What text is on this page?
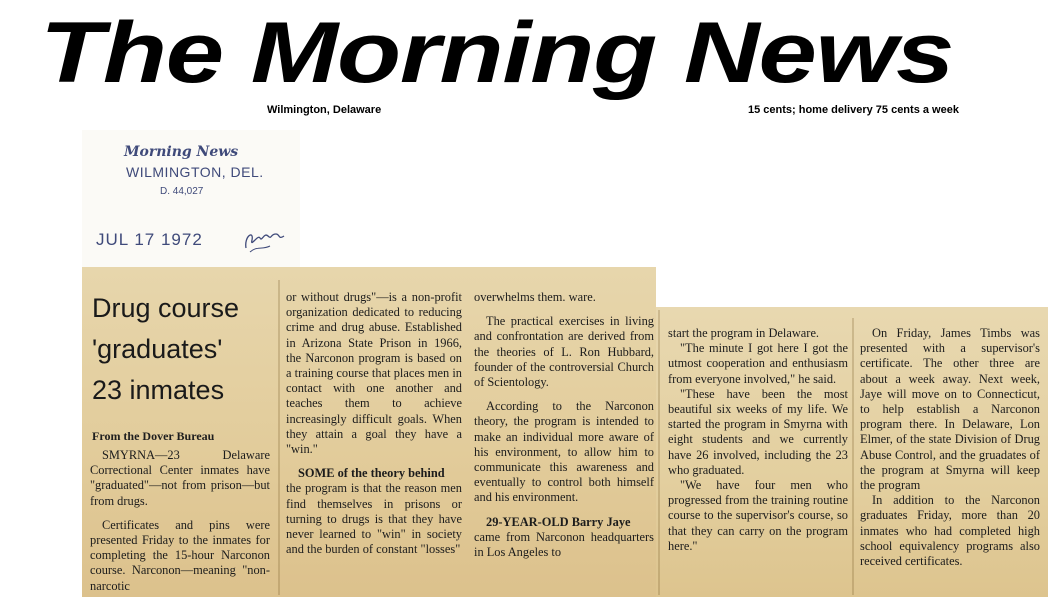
The Morning News
Wilmington, Delaware	15 cents; home delivery 75 cents a week
Morning News
WILMINGTON, DEL.
D. 44,027
JUL 17 1972
Drug course
'graduates'
23 inmates
From the Dover Bureau

SMYRNA—23 Delaware Correctional Center inmates have "graduated"—not from prison—but from drugs.

Certificates and pins were presented Friday to the inmates for completing the 15-hour Narconon course. Narconon—meaning "non-narcotic

or without drugs"—is a non-profit organization dedicated to reducing crime and drug abuse. Established in Arizona State Prison in 1966, the Narconon program is based on a training course that places men in contact with one another and teaches them to achieve increasingly difficult goals. When they attain a goal they have a "win."

SOME of the theory behind

the program is that the reason men find themselves in prisons or turning to drugs is that they have never learned to "win" in society and the burden of constant "losses"

overwhelms them. ware.

The practical exercises in living and confrontation are derived from the theories of L. Ron Hubbard, founder of the controversial Church of Scientology.

According to the Narconon theory, the program is intended to make an individual more aware of his environment, to allow him to communicate this awareness and eventually to control both himself and his environment.

29-YEAR-OLD Barry Jaye

came from Narconon headquarters in Los Angeles to

start the program in Delaware.

"The minute I got here I got the utmost cooperation and enthusiasm from everyone involved," he said.

"These have been the most beautiful six weeks of my life. We started the program in Smyrna with eight students and we currently have 26 involved, including the 23 who graduated.

"We have four men who progressed from the training routine course to the supervisor's course, so that they can carry on the program here."

On Friday, James Timbs was presented with a supervisor's certificate. The other three are about a week away. Next week, Jaye will move on to Connecticut, to help establish a Narconon program there. In Delaware, Lon Elmer, of the state Division of Drug Abuse Control, and the gruadates of the program at Smyrna will keep the program

In addition to the Narconon graduates Friday, more than 20 inmates who had completed high school equivalency programs also received certificates.
